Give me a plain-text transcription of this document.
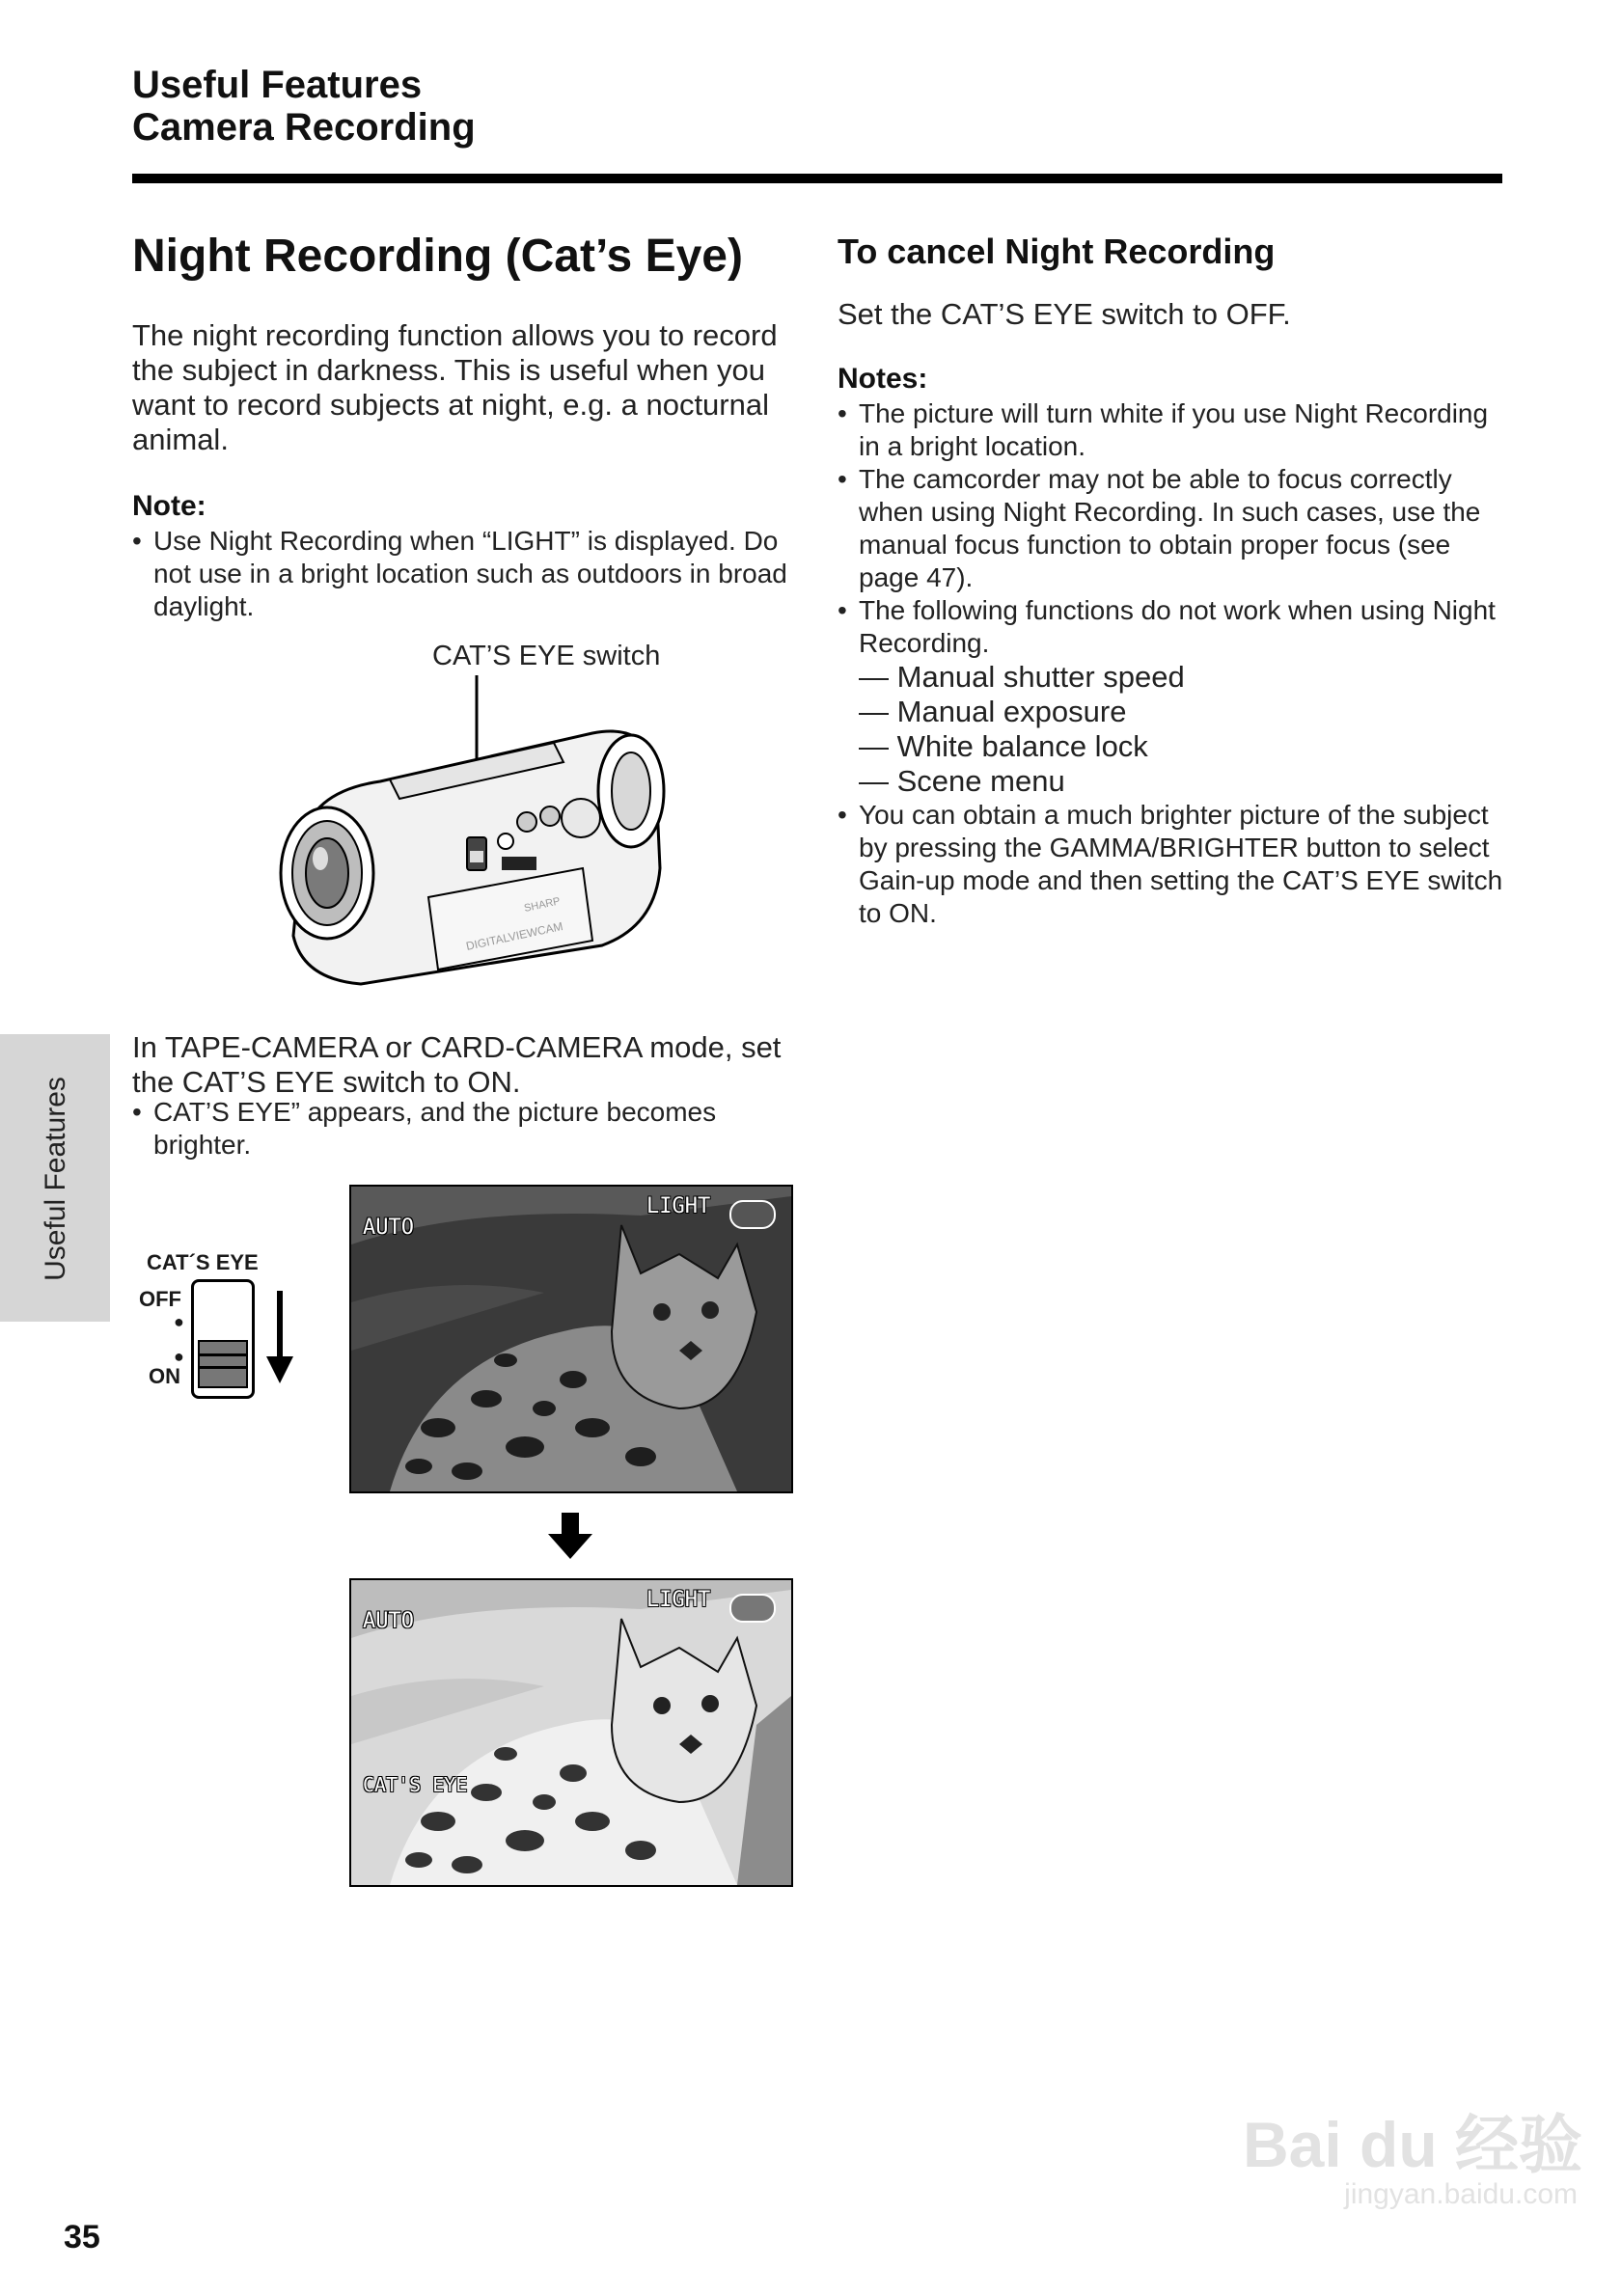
Useful Features
Camera Recording
Night Recording (Cat’s Eye)
The night recording function allows you to record the subject in darkness. This is useful when you want to record subjects at night, e.g. a nocturnal animal.
Note:
• Use Night Recording when “LIGHT” is displayed. Do not use in a bright location such as outdoors in broad daylight.
CAT’S EYE switch
SHARP
DIGITALVIEWCAM
In TAPE-CAMERA or CARD-CAMERA mode, set the CAT’S EYE switch to ON.
• CAT’S EYE” appears, and the picture becomes brighter.
CAT´S EYE
OFF
●
●
ON
AUTO
LIGHT
AUTO
LIGHT
CAT'S EYE
To cancel Night Recording
Set the CAT’S EYE switch to OFF.
Notes:
• The picture will turn white if you use Night Recording in a bright location.
• The camcorder may not be able to focus correctly when using Night Recording. In such cases, use the manual focus function to obtain proper focus (see page 47).
• The following functions do not work when using Night Recording.
— Manual shutter speed
— Manual exposure
— White balance lock
— Scene menu
• You can obtain a much brighter picture of the subject by pressing the GAMMA/BRIGHTER button to select Gain-up mode and then setting the CAT’S EYE switch to ON.
Useful Features
35
Bai du 经验
jingyan.baidu.com
